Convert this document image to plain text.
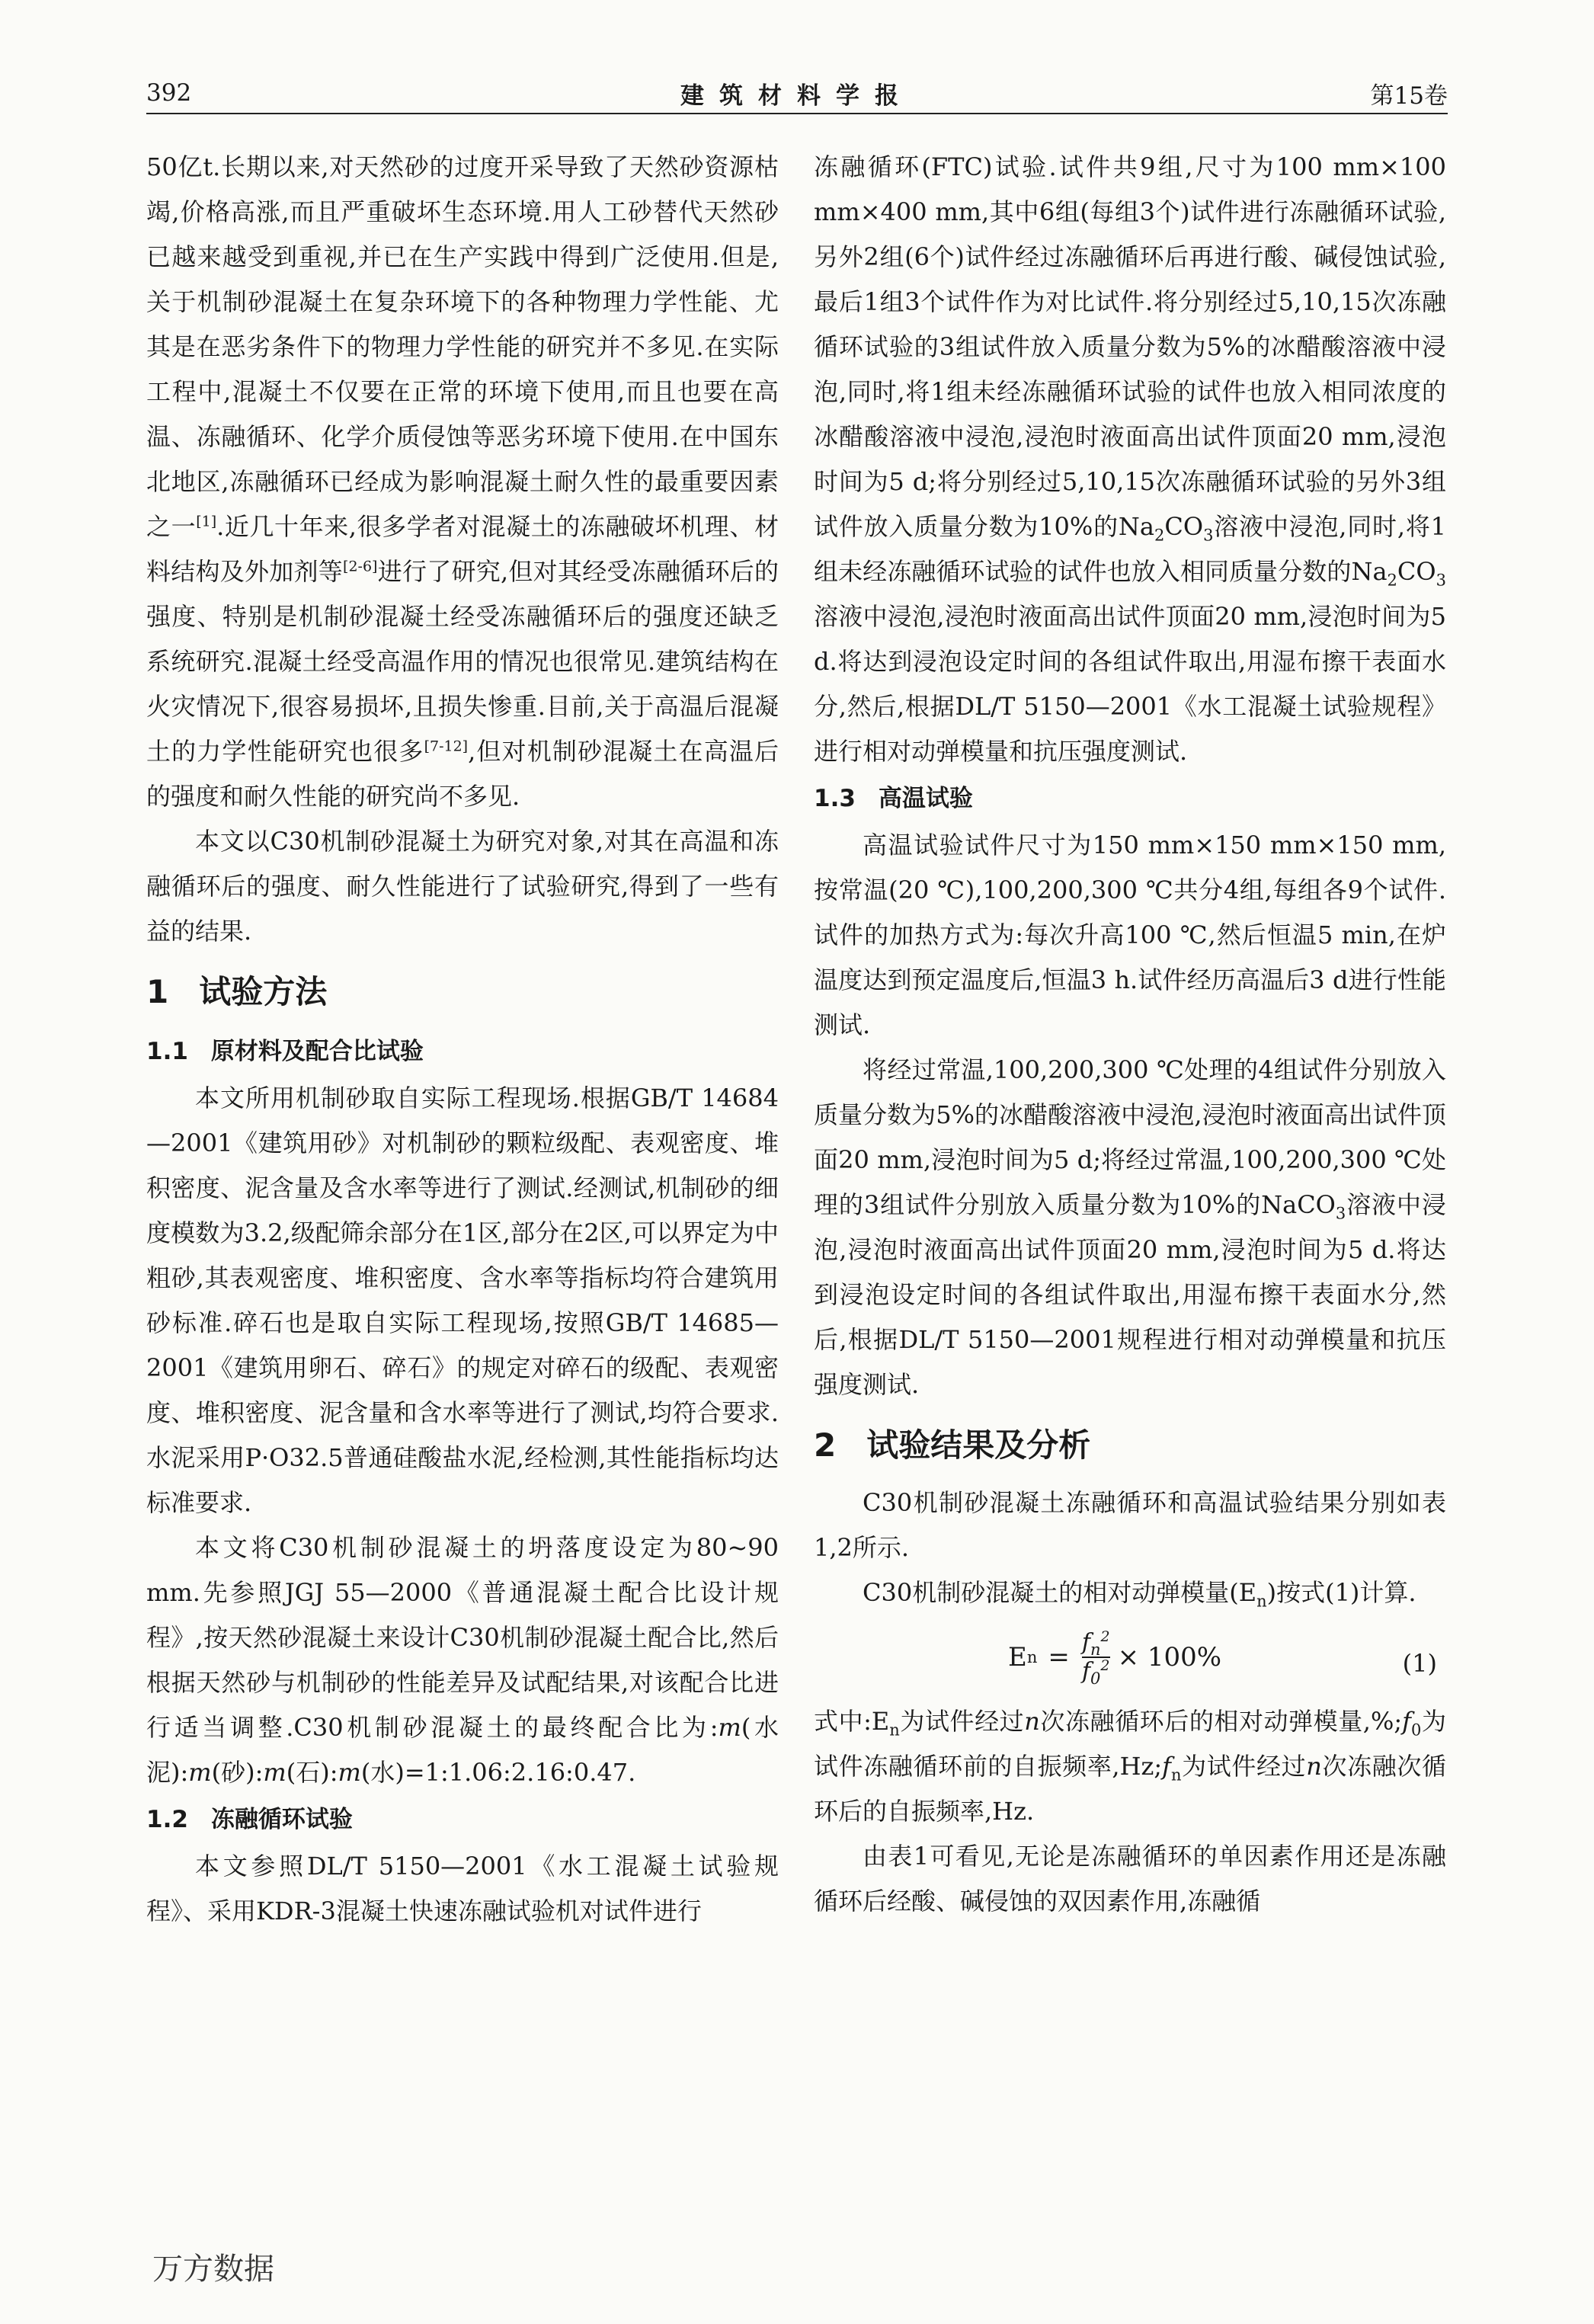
392	建筑材料学报	第15卷

50亿t.长期以来,对天然砂的过度开采导致了天然砂资源枯竭,价格高涨,而且严重破坏生态环境.用人工砂替代天然砂已越来越受到重视,并已在生产实践中得到广泛使用.但是,关于机制砂混凝土在复杂环境下的各种物理力学性能、尤其是在恶劣条件下的物理力学性能的研究并不多见.在实际工程中,混凝土不仅要在正常的环境下使用,而且也要在高温、冻融循环、化学介质侵蚀等恶劣环境下使用.在中国东北地区,冻融循环已经成为影响混凝土耐久性的最重要因素之一[1].近几十年来,很多学者对混凝土的冻融破坏机理、材料结构及外加剂等[2-6]进行了研究,但对其经受冻融循环后的强度、特别是机制砂混凝土经受冻融循环后的强度还缺乏系统研究.混凝土经受高温作用的情况也很常见.建筑结构在火灾情况下,很容易损坏,且损失惨重.目前,关于高温后混凝土的力学性能研究也很多[7-12],但对机制砂混凝土在高温后的强度和耐久性能的研究尚不多见.

本文以C30机制砂混凝土为研究对象,对其在高温和冻融循环后的强度、耐久性能进行了试验研究,得到了一些有益的结果.

1 试验方法
1.1 原材料及配合比试验

本文所用机制砂取自实际工程现场.根据GB/T 14684—2001《建筑用砂》对机制砂的颗粒级配、表观密度、堆积密度、泥含量及含水率等进行了测试.经测试,机制砂的细度模数为3.2,级配筛余部分在1区,部分在2区,可以界定为中粗砂,其表观密度、堆积密度、含水率等指标均符合建筑用砂标准.碎石也是取自实际工程现场,按照GB/T 14685—2001《建筑用卵石、碎石》的规定对碎石的级配、表观密度、堆积密度、泥含量和含水率等进行了测试,均符合要求.水泥采用P·O32.5普通硅酸盐水泥,经检测,其性能指标均达标准要求.

本文将C30机制砂混凝土的坍落度设定为80~90 mm.先参照JGJ 55—2000《普通混凝土配合比设计规程》,按天然砂混凝土来设计C30机制砂混凝土配合比,然后根据天然砂与机制砂的性能差异及试配结果,对该配合比进行适当调整.C30机制砂混凝土的最终配合比为:m(水泥):m(砂):m(石):m(水)=1:1.06:2.16:0.47.

1.2 冻融循环试验

本文参照DL/T 5150—2001《水工混凝土试验规程》、采用KDR-3混凝土快速冻融试验机对试件进行

冻融循环(FTC)试验.试件共9组,尺寸为100 mm×100 mm×400 mm,其中6组(每组3个)试件进行冻融循环试验,另外2组(6个)试件经过冻融循环后再进行酸、碱侵蚀试验,最后1组3个试件作为对比试件.将分别经过5,10,15次冻融循环试验的3组试件放入质量分数为5%的冰醋酸溶液中浸泡,同时,将1组未经冻融循环试验的试件也放入相同浓度的冰醋酸溶液中浸泡,浸泡时液面高出试件顶面20 mm,浸泡时间为5 d;将分别经过5,10,15次冻融循环试验的另外3组试件放入质量分数为10%的$Na_2CO_3$溶液中浸泡,同时,将1组未经冻融循环试验的试件也放入相同质量分数的$Na_2CO_3$溶液中浸泡,浸泡时液面高出试件顶面20 mm,浸泡时间为5 d.将达到浸泡设定时间的各组试件取出,用湿布擦干表面水分,然后,根据DL/T 5150—2001《水工混凝土试验规程》进行相对动弹模量和抗压强度测试.

1.3 高温试验

高温试验试件尺寸为150 mm×150 mm×150 mm,按常温(20 ℃),100,200,300 ℃共分4组,每组各9个试件.试件的加热方式为:每次升高100 ℃,然后恒温5 min,在炉温度达到预定温度后,恒温3 h.试件经历高温后3 d进行性能测试.

将经过常温,100,200,300 ℃处理的4组试件分别放入质量分数为5%的冰醋酸溶液中浸泡,浸泡时液面高出试件顶面20 mm,浸泡时间为5 d;将经过常温,100,200,300 ℃处理的3组试件分别放入质量分数为10%的NaCO$_3$溶液中浸泡,浸泡时液面高出试件顶面20 mm,浸泡时间为5 d.将达到浸泡设定时间的各组试件取出,用湿布擦干表面水分,然后,根据DL/T 5150—2001规程进行相对动弹模量和抗压强度测试.

2 试验结果及分析

C30机制砂混凝土冻融循环和高温试验结果分别如表1,2所示.

C30机制砂混凝土的相对动弹模量$(E_n)$按式(1)计算.

E $n = \frac{f_n^2}{f_0^2} \times 100\%$	(1)

式中$:E_n$为试件经过n次冻融循环后的相对动弹模量$,\%;f_0$为试件冻融循环前的自振频率$,Hz;f_n$为试件经过n次冻融次循环后的自振频率,Hz.

由表1可看见,无论是冻融循环的单因素作用还是冻融循环后经酸、碱侵蚀的双因素作用,冻融循

万方数据
